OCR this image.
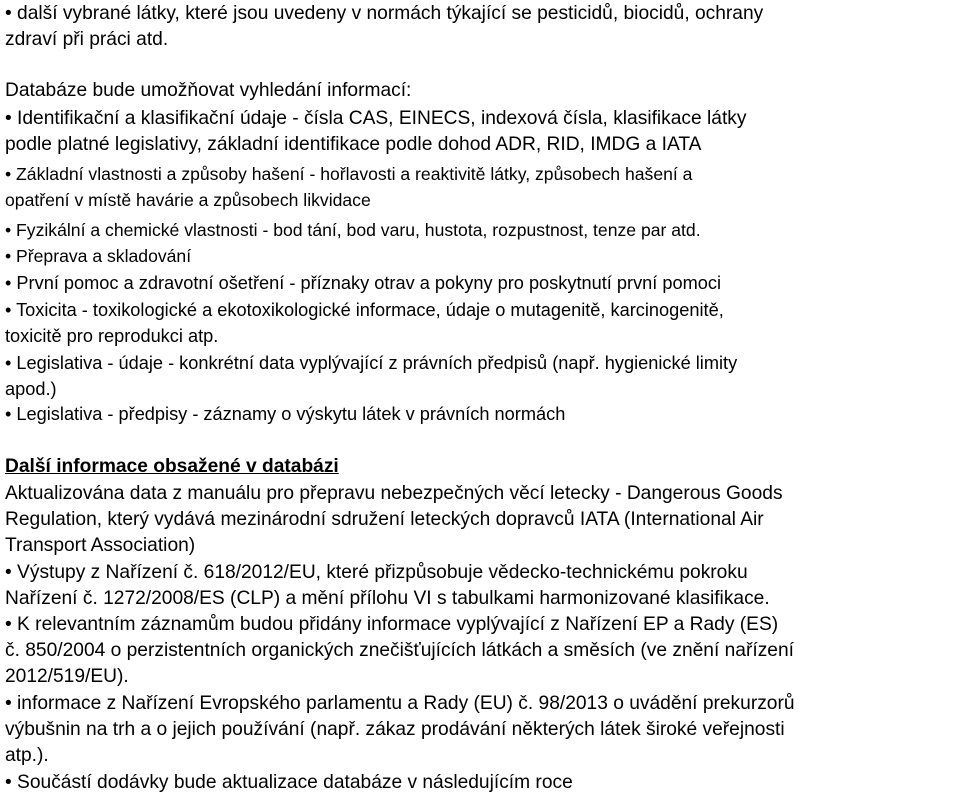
• další vybrané látky, které jsou uvedeny v normách týkající se pesticidů, biocidů, ochrany
zdraví při práci atd.
Databáze bude umožňovat vyhledání informací:
• Identifikační a klasifikační údaje - čísla CAS, EINECS, indexová čísla, klasifikace látky
podle platné legislativy, základní identifikace podle dohod ADR, RID, IMDG a IATA
• Základní vlastnosti a způsoby hašení - hořlavosti a reaktivitě látky, způsobech hašení a
opatření v místě havárie a způsobech likvidace
• Fyzikální a chemické vlastnosti - bod tání, bod varu, hustota, rozpustnost, tenze par atd.
• Přeprava a skladování
• První pomoc a zdravotní ošetření - příznaky otrav a pokyny pro poskytnutí první pomoci
• Toxicita - toxikologické a ekotoxikologické informace, údaje o mutagenitě, karcinogenitě,
toxicitě pro reprodukci atp.
• Legislativa - údaje - konkrétní data vyplývající z právních předpisů (např. hygienické limity
apod.)
• Legislativa - předpisy - záznamy o výskytu látek v právních normách
Další informace obsažené v databázi
Aktualizována data z manuálu pro přepravu nebezpečných věcí letecky - Dangerous Goods
Regulation, který vydává mezinárodní sdružení leteckých dopravců IATA (International Air
Transport Association)
• Výstupy z Nařízení č. 618/2012/EU, které přizpůsobuje vědecko-technickému pokroku
Nařízení č. 1272/2008/ES (CLP) a mění přílohu VI s tabulkami harmonizované klasifikace.
• K relevantním záznamům budou přidány informace vyplývající z Nařízení EP a Rady (ES)
č. 850/2004 o perzistentních organických znečišťujících látkách a směsích (ve znění nařízení
2012/519/EU).
• informace z Nařízení Evropského parlamentu a Rady (EU) č. 98/2013 o uvádění prekurzorů
výbušnin na trh a o jejich používání (např. zákaz prodávání některých látek široké veřejnosti
atp.).
• Součástí dodávky bude aktualizace databáze v následujícím roce
